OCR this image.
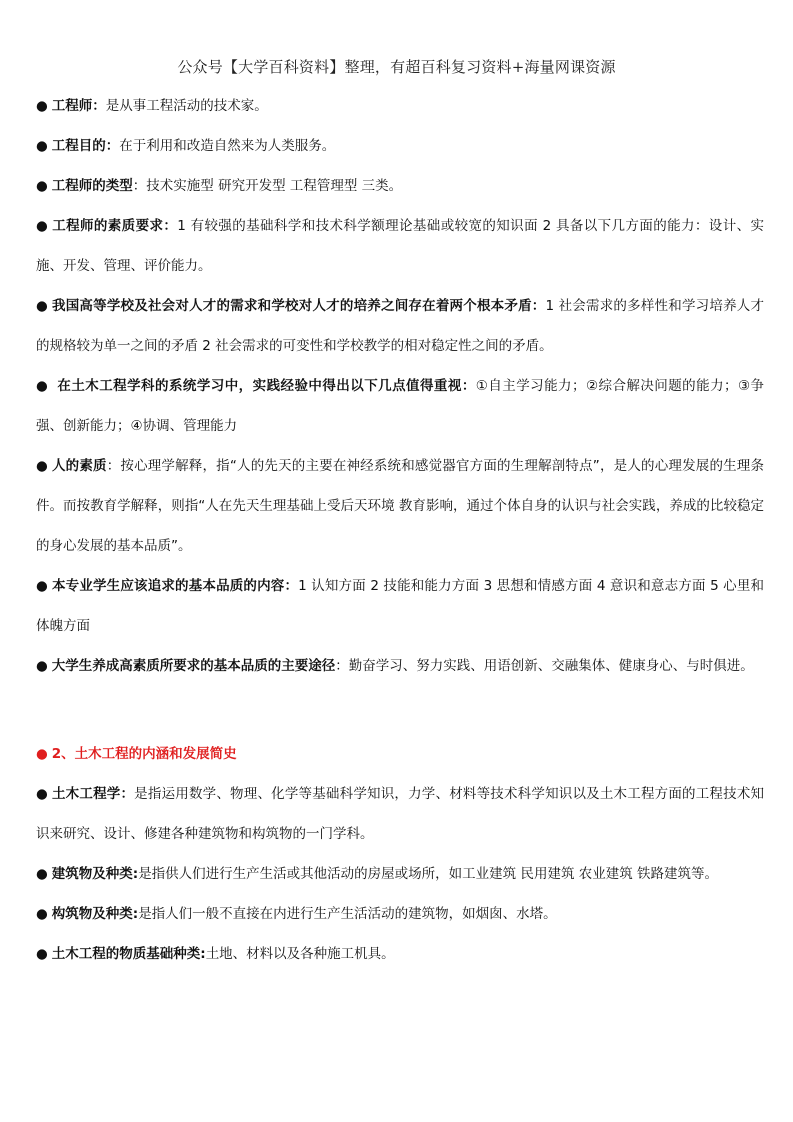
公众号【大学百科资料】整理，有超百科复习资料+海量网课资源

● 工程师：是从事工程活动的技术家。

● 工程目的：在于利用和改造自然来为人类服务。

● 工程师的类型：技术实施型 研究开发型 工程管理型 三类。

● 工程师的素质要求：1 有较强的基础科学和技术科学额理论基础或较宽的知识面 2 具备以下几方面的能力：设计、实施、开发、管理、评价能力。

● 我国高等学校及社会对人才的需求和学校对人才的培养之间存在着两个根本矛盾：1 社会需求的多样性和学习培养人才的规格较为单一之间的矛盾 2 社会需求的可变性和学校教学的相对稳定性之间的矛盾。

● 在土木工程学科的系统学习中，实践经验中得出以下几点值得重视：①自主学习能力；②综合解决问题的能力；③争强、创新能力；④协调、管理能力

● 人的素质：按心理学解释，指“人的先天的主要在神经系统和感觉器官方面的生理解剖特点”，是人的心理发展的生理条件。而按教育学解释，则指“人在先天生理基础上受后天环境 教育影响，通过个体自身的认识与社会实践，养成的比较稳定的身心发展的基本品质”。

● 本专业学生应该追求的基本品质的内容：1 认知方面 2 技能和能力方面 3 思想和情感方面 4 意识和意志方面 5 心里和体魄方面

● 大学生养成高素质所要求的基本品质的主要途径：勤奋学习、努力实践、用语创新、交融集体、健康身心、与时俱进。

● 2、土木工程的内涵和发展简史

● 土木工程学：是指运用数学、物理、化学等基础科学知识，力学、材料等技术科学知识以及土木工程方面的工程技术知识来研究、设计、修建各种建筑物和构筑物的一门学科。

● 建筑物及种类:是指供人们进行生产生活或其他活动的房屋或场所，如工业建筑 民用建筑 农业建筑 铁路建筑等。

● 构筑物及种类:是指人们一般不直接在内进行生产生活活动的建筑物，如烟囱、水塔。

● 土木工程的物质基础种类:土地、材料以及各种施工机具。
